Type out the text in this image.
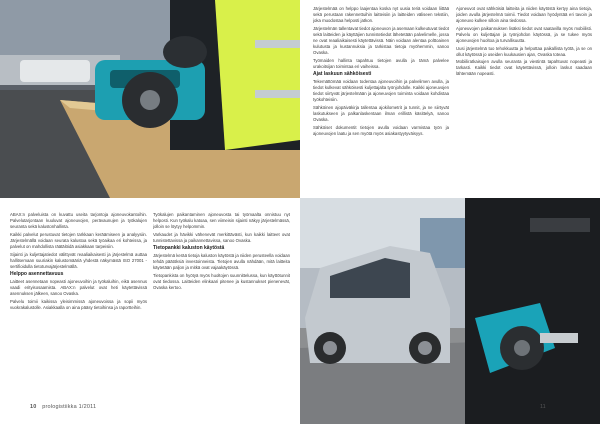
Järjestelmää on helppo laajentaa koska nyt uusia teriä voidaan liittää sekä perustaan rakennettuihin laitteisiin ja laitteiden väliseen tekstiin, joka muodostaa helposti jatkon.

Järjestelmän tallentavat tiedot ajoneuvon ja asemaan kulkeutuvat tiedot sekä laitteiden ja käyttäjien tunnistetiedot lähetetään palvelimelle, jossa ne ovat reaaliaikaisesti käytettävissä. Näin voidaan alentaa polttoainen kulutusta ja kustannuksia ja tarkistaa tietoja myöhemmin, sanoo Ovaska.

Työmaiden hallinta tapahtuu tietojen avulla ja tämä palvelee urakoitsijan toimintaa eri vaiheissa.

Ajat laskuun sähköisesti

Tekemättömää voidaan todentaa ajoneuvoihin ja palvelimen avulla, ja tiedot kulkevat sähköisesti kuljettajalta työnjohdolle. Kaikki ajoneuvojen tiedot siirtyvät järjestelmään ja ajoneuvojen toiminta voidaan kohdistaa työkohteisiin.

Sähköinen ajopäiväkirja tallentaa ajokilometrit ja tunnit, ja ne siirtyvät laskutukseen ja palkanlaskentaan ilman erillistä käsittelyä, sanoo Ovaska.

Sähköiset dokumentit tietojen avulla voidaan varmistaa työn ja ajoneuvojen laatu ja sen myötä myös asiakastyytyväisyys.

Ajoneuvot ovat sähköisiä laitteita ja niiden käytöstä kertyy aina tietoja, joiden avulla järjestelmä toimii. Tiedot voidaan hyödyntää eri tavoin ja ajoneuvo kulkee silloin aina tiedossa.

Ajoneuvojen paikannuksen lisäksi tiedot ovat saatavilla myös mobiilisti. Palvelu on kuljettajan ja työnjohdon käytössä, ja se tukee myös ajoneuvojen huoltoa ja turvallisuutta.

Uusi järjestelmä tuo tehokkuutta ja helpottaa paikallista työtä, ja se on ollut käytössä jo useiden kuukausien ajan, Ovaska toteaa.

Mobiiliratkaisujen avulla seuranta ja viestintä tapahtuvat nopeasti ja tarkasti. Kaikki tiedot ovat käytettävissä, jolloin laskut saadaan lähtemään nopeasti.

ABAX:n palveluista on kuvattu useita tarjontoja ajoneuvokantoihin. Palvelutarjontaan kuuluvat ajoneuvojen, perävaunujen ja työkalujen seuranta sekä kalustonhallinta.

Kaikki palvelut perustuvat tietojen tarkkaan keräämiseen ja analyysiin. Järjestelmällä voidaan seurata kalustoa sekä työaikaa eri kohteissa, ja palvelut on mahdollista räätälöidä asiakkaan tarpeisiin.

Sijainti ja kuljettajatiedot välittyvät reaaliaikaisesti ja järjestelmä auttaa hallitsemaan suuriakin kalustomääriä yhdestä näkymästä ISO 27001 -sertifioidulla tietoturvajärjestelmällä.

Helppo asennettavuus

Laitteet asennetaan nopeasti ajoneuvoihin ja työkaluihin, eikä asennus vaadi erityisosaamista. ABAX:n palvelut ovat heti käytettävissä asennuksen jälkeen, sanoo Ovaska.

Palvelu toimii kaikissa yleisimmissä ajoneuvoissa ja sopii myös vuokrakalustolle. Asiakkaalla on aina pääsy tietoihinsa ja raportteihin.

Työkalujen paikantaminen ajoneuvosta tai työmaalta onnistuu nyt helposti. Kun työkalu katoaa, sen viimeisin sijainti näkyy järjestelmässä, jolloin se löytyy helpommin.

Varkaudet ja hävikki vähenevät merkittävästi, kun kaikki laitteet ovat tunnistettavissa ja paikannettavissa, sanoo Ovaska.

Tietopankki kaluston käytöstä

Järjestelmä kerää tietoja kaluston käytöstä ja niiden perusteella voidaan tehdä päätöksiä investoinneista. Tietojen avulla nähdään, mitä laitteita käytetään paljon ja mitkä ovat vajaakäytössä.

Tietopankista on hyötyä myös huoltojen suunnittelussa, kun käyttötunnit ovat tiedossa. Laitteiden elinkaari pitenee ja kustannukset pienenevät, Ovaska kertoo.

10 prologistiikka 1/2011	11
